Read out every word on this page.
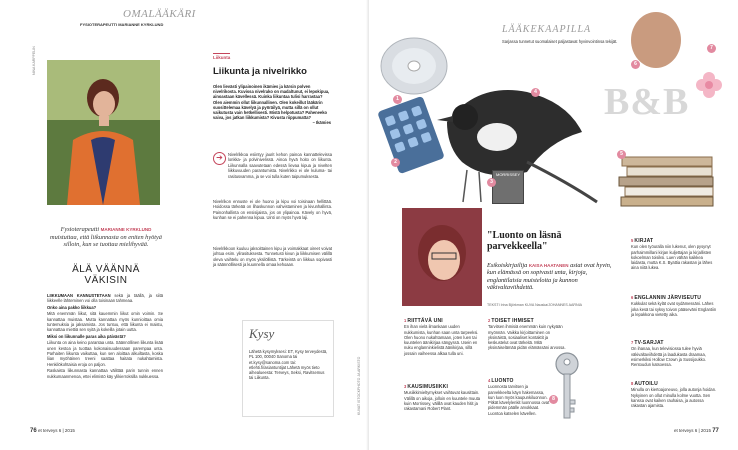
OMALÄÄKÄRI
FYSIOTERAPEUTTI MARIANNE KYRKLUND
NINA KARPPELIN
Fysioterapeutti MARIANNE KYRKLUND muistuttaa, että liikunnasta on eniten hyötyä silloin, kun se tuottaa mielihyvää.
ÄLÄ VÄÄNNÄ
VÄKISIN

LIIKKUMAAN KANNUSTETAAN sekä ja täällä, ja siitä liikkeelle lähteminen voi olla toisinaan tahmeaa.

Onko aina pakko liikkua?

Mitä enemmän liikut, sitä kauemmin liikut omin voimin. Se kannattaa muistaa. Mutta kannattaa myös kunnioittaa omia tuntemuksia ja jaksamista. Jos tuntuu, että liikunta ei maistu, kannattaa miettiä sen syitä ja kokeilla jotain uutta.

Miksi on liikunnalle paras aika päivästä?

Liikunta on aina keino parantaa unta. Säännöllinen liikunta lisää unen kestoa ja tuottaa kokonaisuudessaan parempaa unta. Parhaiten liikunta vaikuttaa, kun sen aloittaa alkuiltasta, koska liian myöhäinen treeni saattaa haitata nukahtamista. Henkilökohtaisia eroja on paljon.

Raskaista liikunnasta kannattaa välittää parin tunnin ennen nukkumaanmenoa, ettei elimistö käy ylikierroksilla nukkuessa.

Liikunta
Liikunta ja nivelrikko
Olen lievästi ylipainoinen ikämies ja kärsin polven nivelrikosta. Kuvissa nivelrako on madaltunut, ei lepokipua, ainoastaan kävellessä. Kuinka liikuntaa tulisi harrastaa? Olen aiemmin ollut liikunnallinen. Olen kokeillut lääkärin suosittelemaa kävelyä ja pyöräilyä, mutta sillä on ollut vaikutusta vain hetkellisesti. Mistä helpotusta? Paheneeko vaiva, jos jatkan liikkumista? Kivusta riippumatta?
– Ikämies
➔	Nivelrikkoa esiintyy jaurit kehon painoa kannattelevissa lonkka- ja polvinivelissä. Ainoa hyvä hoito on liikunta. Liikunnalla saavutetaan edessä lievaa kipua ja nivelten liikkuvuuden parantumista. Nivelrikko ei ole kuluma- tai rasitusvamma, ja se voi tulla kuten taipumuksesta.
Nivelrikon ennuste ei ole huono ja kipu voi toisinaan hellittää. Hoidossa tärkeää on lihaskunnon vahvistaminen ja kivunhallinta. Painonhallinta on ensisijaista, jos on ylipainoa. Kävely on hyvä, kunhan se ei pahenna kipua. Uinti on myös hyvä laji.
Nivelrikkoon kuuluu jaksoittainen kipu ja voimakkaat oireet voivat johtua esim. ylirasituksesta. Tunnetusti kivun ja liikkumisen välillä oleva vaihtelu on myös yksilöllistä. Tärkeintä on liikkua sopivasti ja säännöllisesti ja kuunnella omaa kehoaan.
Kysy
Lähetä kysymyksesi: ET, Kysy terveydestä, PL 100, 00040 Sanoma tai et.kysy@sanoma.com tai: etlehti.fi/asiantuntijat Lähetä myös tieto aihealueesta: Terveys, Seksi, Ravitsemus tai Liikunta.	KUVAT ISTOCKPHOTO JA ARKISTO
76 et terveys 6 | 2015
LÄÄKEKAAPILLA
Sarjassa tunnetut suomalaiset paljastavat hyvinvointinsa tekijät.
B&B
MORRISSEY
"Luonto on läsnä parvekkeella"
Esikoiskirjailija KAISA HAATANEN asiat ovat hyvin, kun elämässä on sopivasti unta, kirjoja, englantilaisia muisteloita ja kunnon väkivaltaviihdettä.
TEKSTI Irina Björkman KUVA Nauska/JOHANNES AARNIA
1
2
3
4
5
6
7
8
1 RIITTÄVÄ UNI
En ihan vielä ilmankaan uuden nukkumista, kunhan saan unta tarpeeksi. Olen huono nukahtamaan, joten luen tai kuuntelen äänikirjaa sängyssä. Usein en nuku englanninkielistä äänikirjaa, sillä jossain vaiheessa alkaa tulla uni.
2 TOISET IHMISET
Tarvitsen ihmisiä enemmän kuin nykyään myönnän. Vaikka kirjoittaminen on yksinäistä, sosiaaliset kontaktit ja keskustelut ovat tärkeitä. Mitä yksinäiselämää pidän elämässäni arvossa.
3 KAUSIMUSIIKKI
Musiikkimieltymykset vaihtuvat kausittain. Välillä on aikoja, jolloin en kuuntele muuta kuin Morrissey, välillä ovat kauden hitit ja rakastamani Robert Plant.
4 LUONTO
Luonnosta tarvitsen ja parvekkeelta käyn hakemassa, kun luon myös kaupunkiluonnon. Pitkät kävelylenkit luonnossa ovat pidemmän päälle arvokkaat. Luontoa katselen kävellen.
5 KIRJAT
Kun olen työuralla niin lukenut, olen pysynyt parhaimmillani kirjan kuljettajan ja kirjallisten kokoelman toisiksi. Luen vähän kaikkea laidasta, mutta K.S. Byattia rakastan ja lähes aina niitä lukea.
6 ENGLANNIN JÄRVISEUTU
Kukkulat sekä kylät ovat sydämessäni. Lähes joka kesä tai syksy toivon pääseväni Englantiin ja lepakkona vietetty aika.
7 TV-SARJAT
On ihanaa, kun televisiossa tulee hyviä väkivaltaviihdettä ja laadukasta draamaa, esimerkiksi Hollow Crown ja Sussijoukko. Rentoudun katsoessa.
8 AUTOILU
Minulla on kiertoajoneuvo, jolla autonja hoidan. Nykyinen on ollut minulla kolme vuotta. Sen kanssa ovat kaiken rauhaisa, ja autossa rakastan ajamista.
et terveys 6 | 2015 77
